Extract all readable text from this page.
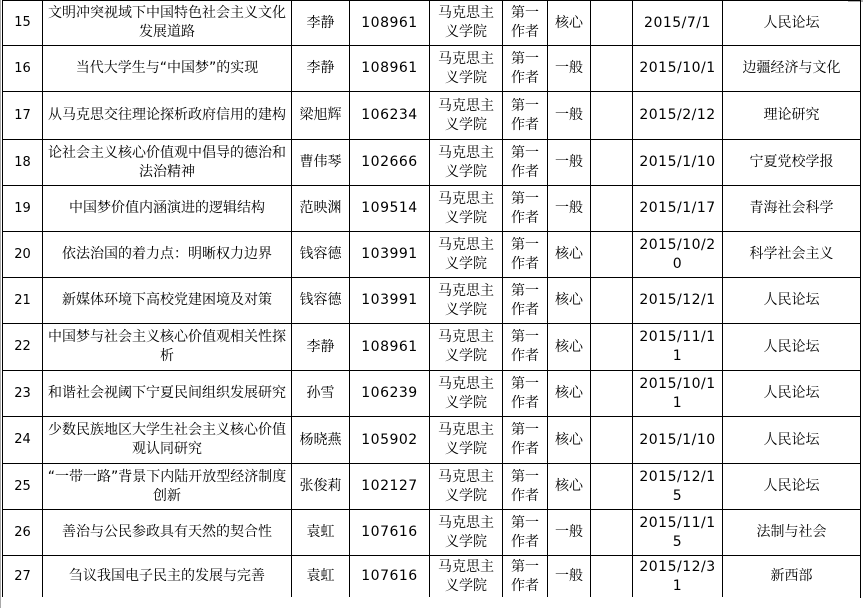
15	文明冲突视域下中国特色社会主义文化发展道路	李静	108961	马克思主义学院	第一作者	核心		2015/7/1	人民论坛
16	当代大学生与“中国梦”的实现	李静	108961	马克思主义学院	第一作者	一般		2015/10/1	边疆经济与文化
17	从马克思交往理论探析政府信用的建构	梁旭辉	106234	马克思主义学院	第一作者	一般		2015/2/12	理论研究
18	论社会主义核心价值观中倡导的德治和法治精神	曹伟琴	102666	马克思主义学院	第一作者	一般		2015/1/10	宁夏党校学报
19	中国梦价值内涵演进的逻辑结构	范映渊	109514	马克思主义学院	第一作者	一般		2015/1/17	青海社会科学
20	依法治国的着力点：明晰权力边界	钱容德	103991	马克思主义学院	第一作者	核心		2015/10/20	科学社会主义
21	新媒体环境下高校党建困境及对策	钱容德	103991	马克思主义学院	第一作者	核心		2015/12/1	人民论坛
22	中国梦与社会主义核心价值观相关性探析	李静	108961	马克思主义学院	第一作者	核心		2015/11/11	人民论坛
23	和谐社会视阈下宁夏民间组织发展研究	孙雪	106239	马克思主义学院	第一作者	核心		2015/10/11	人民论坛
24	少数民族地区大学生社会主义核心价值观认同研究	杨晓燕	105902	马克思主义学院	第一作者	核心		2015/1/10	人民论坛
25	“一带一路”背景下内陆开放型经济制度创新	张俊莉	102127	马克思主义学院	第一作者	核心		2015/12/15	人民论坛
26	善治与公民参政具有天然的契合性	袁虹	107616	马克思主义学院	第一作者	一般		2015/11/15	法制与社会
27	刍议我国电子民主的发展与完善	袁虹	107616	马克思主义学院	第一作者	一般		2015/12/31	新西部
